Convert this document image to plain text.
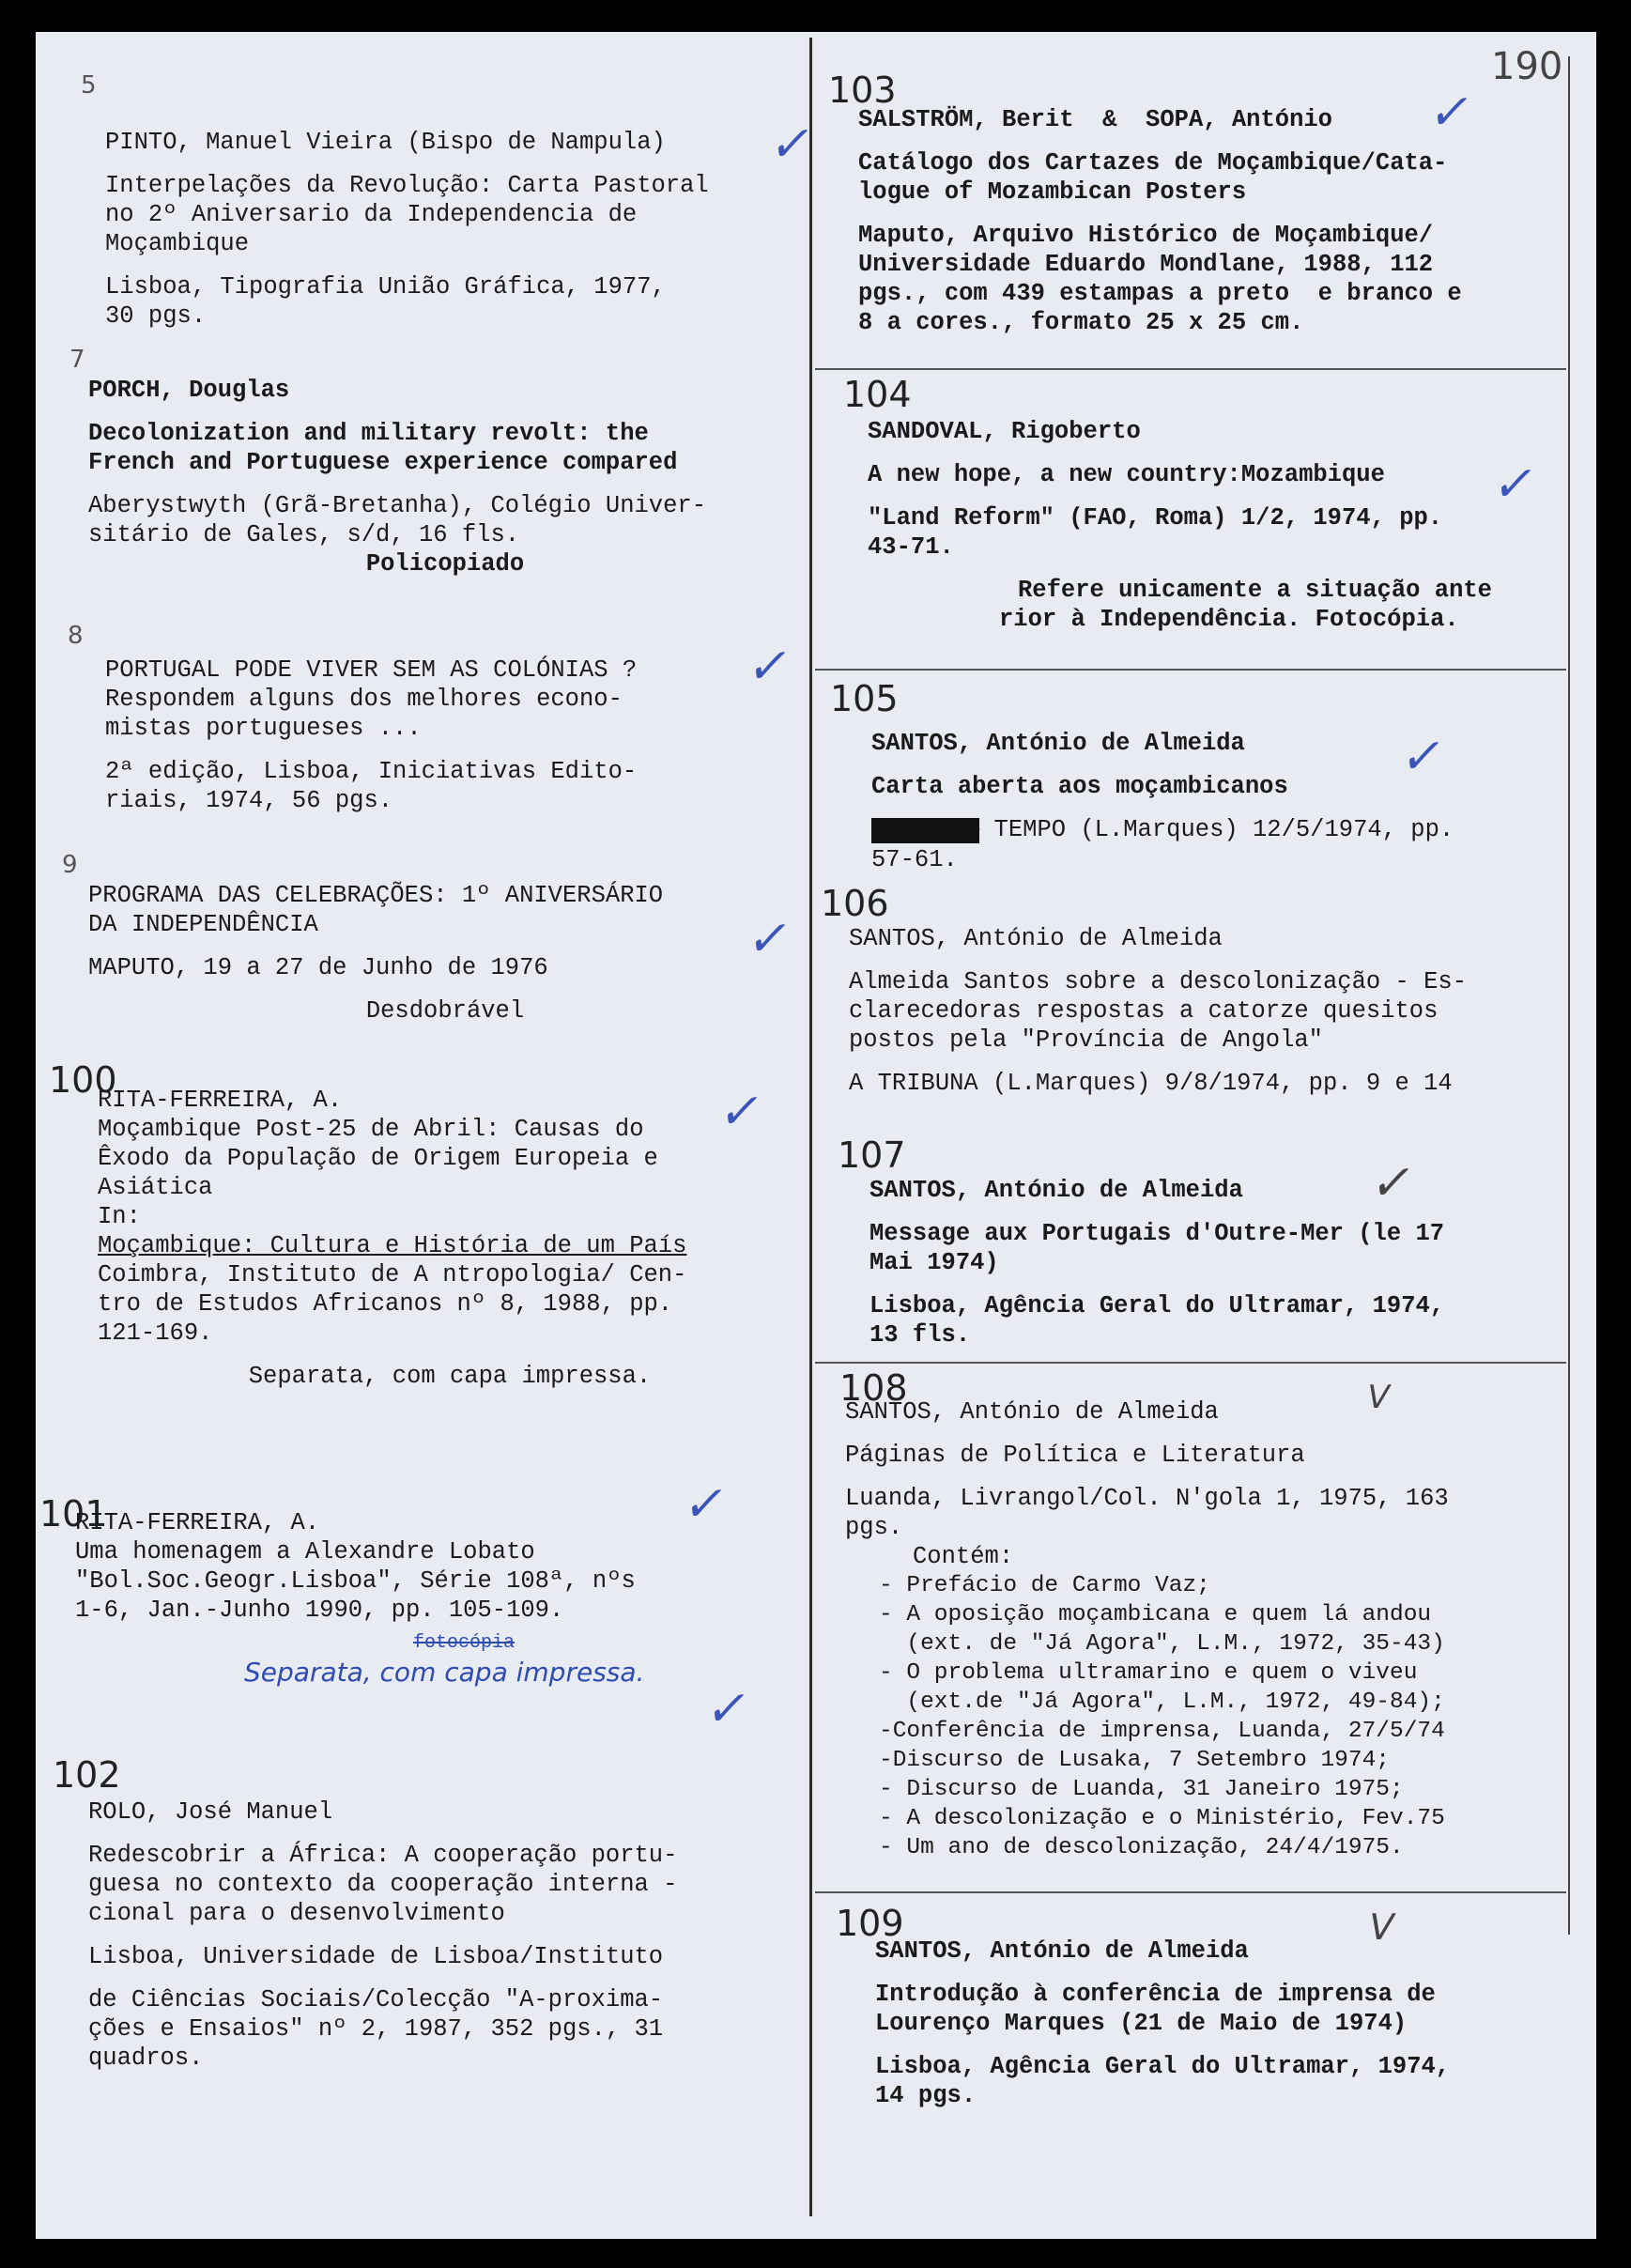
190
5
7
8
9
100
101
102
103
104
105
106
107
108
109
✓
✓
✓
✓
✓
✓
✓
✓
✓
✓
V
V
PINTO, Manuel Vieira (Bispo de Nampula)
Interpelações da Revolução: Carta Pastoral
no 2º Aniversario da Independencia de
Moçambique
Lisboa, Tipografia União Gráfica, 1977,
30 pgs.
PORCH, Douglas
Decolonization and military revolt: the
French and Portuguese experience compared
Aberystwyth (Grã-Bretanha), Colégio Univer-
sitário de Gales, s/d, 16 fls.
Policopiado
PORTUGAL PODE VIVER SEM AS COLÓNIAS ?
Respondem alguns dos melhores econo-
mistas portugueses ...
2ª edição, Lisboa, Iniciativas Edito-
riais, 1974, 56 pgs.
PROGRAMA DAS CELEBRAÇÕES: 1º ANIVERSÁRIO
DA INDEPENDÊNCIA
MAPUTO, 19 a 27 de Junho de 1976
Desdobrável
RITA-FERREIRA, A.
Moçambique Post-25 de Abril: Causas do
Êxodo da População de Origem Europeia e
Asiática
In:
Moçambique: Cultura e História de um País
Coimbra, Instituto de A ntropologia/ Cen-
tro de Estudos Africanos nº 8, 1988, pp.
121-169.
Separata, com capa impressa.
RITA-FERREIRA, A.
Uma homenagem a Alexandre Lobato
"Bol.Soc.Geogr.Lisboa", Série 108ª, nºs
1-6, Jan.-Junho 1990, pp. 105-109.
fotocópia
Separata, com capa impressa.
ROLO, José Manuel
Redescobrir a África: A cooperação portu-
guesa no contexto da cooperação interna -
cional para o desenvolvimento
Lisboa, Universidade de Lisboa/Instituto
de Ciências Sociais/Colecção "A-proxima-
ções e Ensaios" nº 2, 1987, 352 pgs., 31
quadros.
SALSTRÖM, Berit  &  SOPA, António
Catálogo dos Cartazes de Moçambique/Cata-
logue of Mozambican Posters
Maputo, Arquivo Histórico de Moçambique/
Universidade Eduardo Mondlane, 1988, 112
pgs., com 439 estampas a preto  e branco e
8 a cores., formato 25 x 25 cm.
SANDOVAL, Rigoberto
A new hope, a new country:Mozambique
"Land Reform" (FAO, Roma) 1/2, 1974, pp.
43-71.
Refere unicamente a situação ante
rior à Independência. Fotocópia.
SANTOS, António de Almeida
Carta aberta aos moçambicanos
Notícias TEMPO (L.Marques) 12/5/1974, pp.
57-61.
SANTOS, António de Almeida
Almeida Santos sobre a descolonização - Es-
clarecedoras respostas a catorze quesitos
postos pela "Província de Angola"
A TRIBUNA (L.Marques) 9/8/1974, pp. 9 e 14
SANTOS, António de Almeida
Message aux Portugais d'Outre-Mer (le 17
Mai 1974)
Lisboa, Agência Geral do Ultramar, 1974,
13 fls.
SANTOS, António de Almeida
Páginas de Política e Literatura
Luanda, Livrangol/Col. N'gola 1, 1975, 163
pgs.
Contém:
- Prefácio de Carmo Vaz;
- A oposição moçambicana e quem lá andou
(ext. de "Já Agora", L.M., 1972, 35-43)
- O problema ultramarino e quem o viveu
(ext.de "Já Agora", L.M., 1972, 49-84);
-Conferência de imprensa, Luanda, 27/5/74
-Discurso de Lusaka, 7 Setembro 1974;
- Discurso de Luanda, 31 Janeiro 1975;
- A descolonização e o Ministério, Fev.75
- Um ano de descolonização, 24/4/1975.
SANTOS, António de Almeida
Introdução à conferência de imprensa de
Lourenço Marques (21 de Maio de 1974)
Lisboa, Agência Geral do Ultramar, 1974,
14 pgs.
